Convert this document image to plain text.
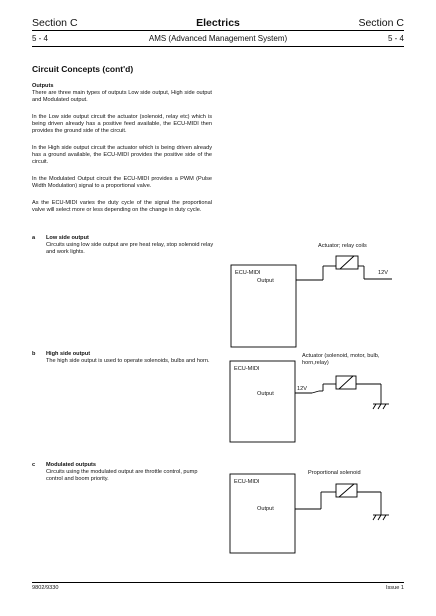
Section C	Electrics	Section C
5 - 4	AMS (Advanced Management System)	5 - 4
Circuit Concepts (cont'd)
Outputs
There are three main types of outputs Low side output, High side output and Modulated output.
In the Low side output circuit the actuator (solenoid, relay etc) which is being driven already has a positive feed available, the ECU-MIDI then provides the ground side of the circuit.
In the High side output circuit the actuator which is being driven already has a ground available, the ECU-MIDI provides the positive side of the circuit.
In the Modulated Output circuit the ECU-MIDI provides a PWM (Pulse Width Modulation) signal to a proportional valve.
As the ECU-MIDI varies the duty cycle of the signal the proportional valve will select more or less depending on the change in duty cycle.
a Low side output
Circuits using low side output are pre heat relay, stop solenoid relay and work lights.
b High side output
The high side output is used to operate solenoids, bulbs and horn.
c Modulated outputs
Circuits using the modulated output are throttle control, pump control and boom priority.
ECU-MIDI
Output
Actuator; relay coils
12V
ECU-MIDI
Output
Actuator (solenoid, motor, bulb, horn,relay)
12V
ECU-MIDI
Output
Proportional solenoid
9802/9330	Issue 1
